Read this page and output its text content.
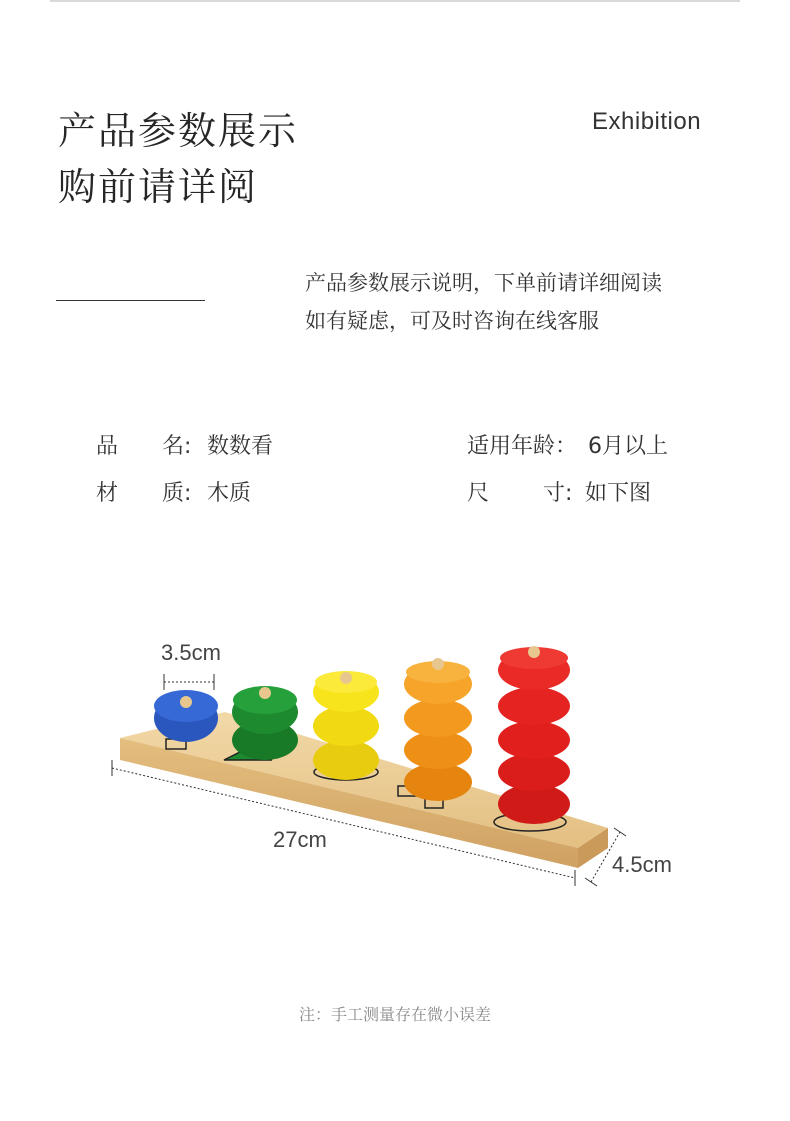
产品参数展示
购前请详阅
Exhibition
产品参数展示说明，下单前请详细阅读
如有疑虑，可及时咨询在线客服
品 名: 数数看	适用年龄： 6月以上
材 质: 木质	尺 寸: 如下图
3.5cm
27cm
4.5cm
注：手工测量存在微小误差
